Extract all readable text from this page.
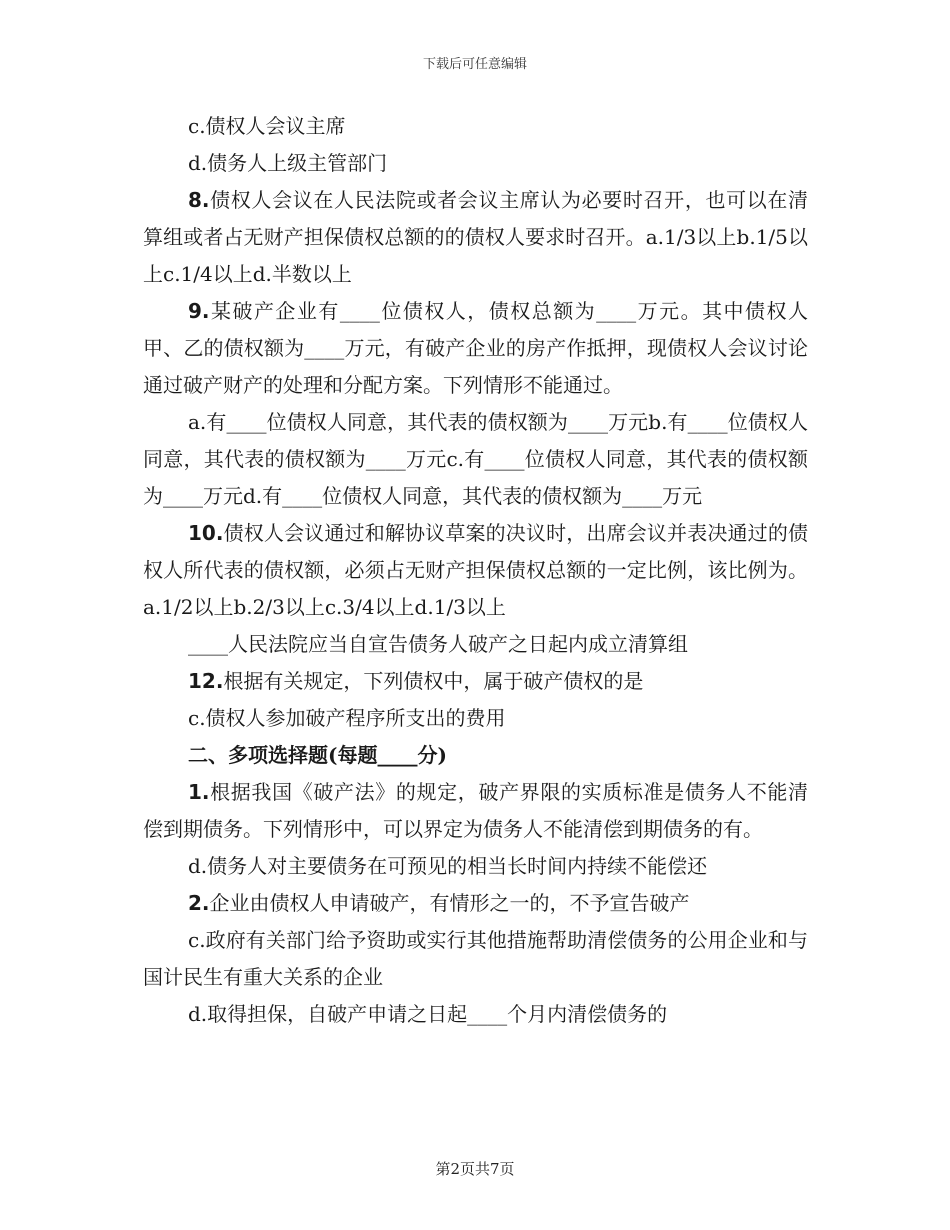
下载后可任意编辑

c.债权人会议主席

d.债务人上级主管部门

8.债权人会议在人民法院或者会议主席认为必要时召开，也可以在清算组或者占无财产担保债权总额的的债权人要求时召开。a.1/3以上b.1/5以上c.1/4以上d.半数以上

9.某破产企业有____位债权人，债权总额为____万元。其中债权人甲、乙的债权额为____万元，有破产企业的房产作抵押，现债权人会议讨论通过破产财产的处理和分配方案。下列情形不能通过。

a.有____位债权人同意，其代表的债权额为____万元b.有____位债权人同意，其代表的债权额为____万元c.有____位债权人同意，其代表的债权额为____万元d.有____位债权人同意，其代表的债权额为____万元

10.债权人会议通过和解协议草案的决议时，出席会议并表决通过的债权人所代表的债权额，必须占无财产担保债权总额的一定比例，该比例为。a.1/2以上b.2/3以上c.3/4以上d.1/3以上

____人民法院应当自宣告债务人破产之日起内成立清算组

12.根据有关规定，下列债权中，属于破产债权的是

c.债权人参加破产程序所支出的费用

二、多项选择题(每题____分)

1.根据我国《破产法》的规定，破产界限的实质标准是债务人不能清偿到期债务。下列情形中，可以界定为债务人不能清偿到期债务的有。

d.债务人对主要债务在可预见的相当长时间内持续不能偿还

2.企业由债权人申请破产，有情形之一的，不予宣告破产

c.政府有关部门给予资助或实行其他措施帮助清偿债务的公用企业和与国计民生有重大关系的企业

d.取得担保，自破产申请之日起____个月内清偿债务的

第2页共7页
